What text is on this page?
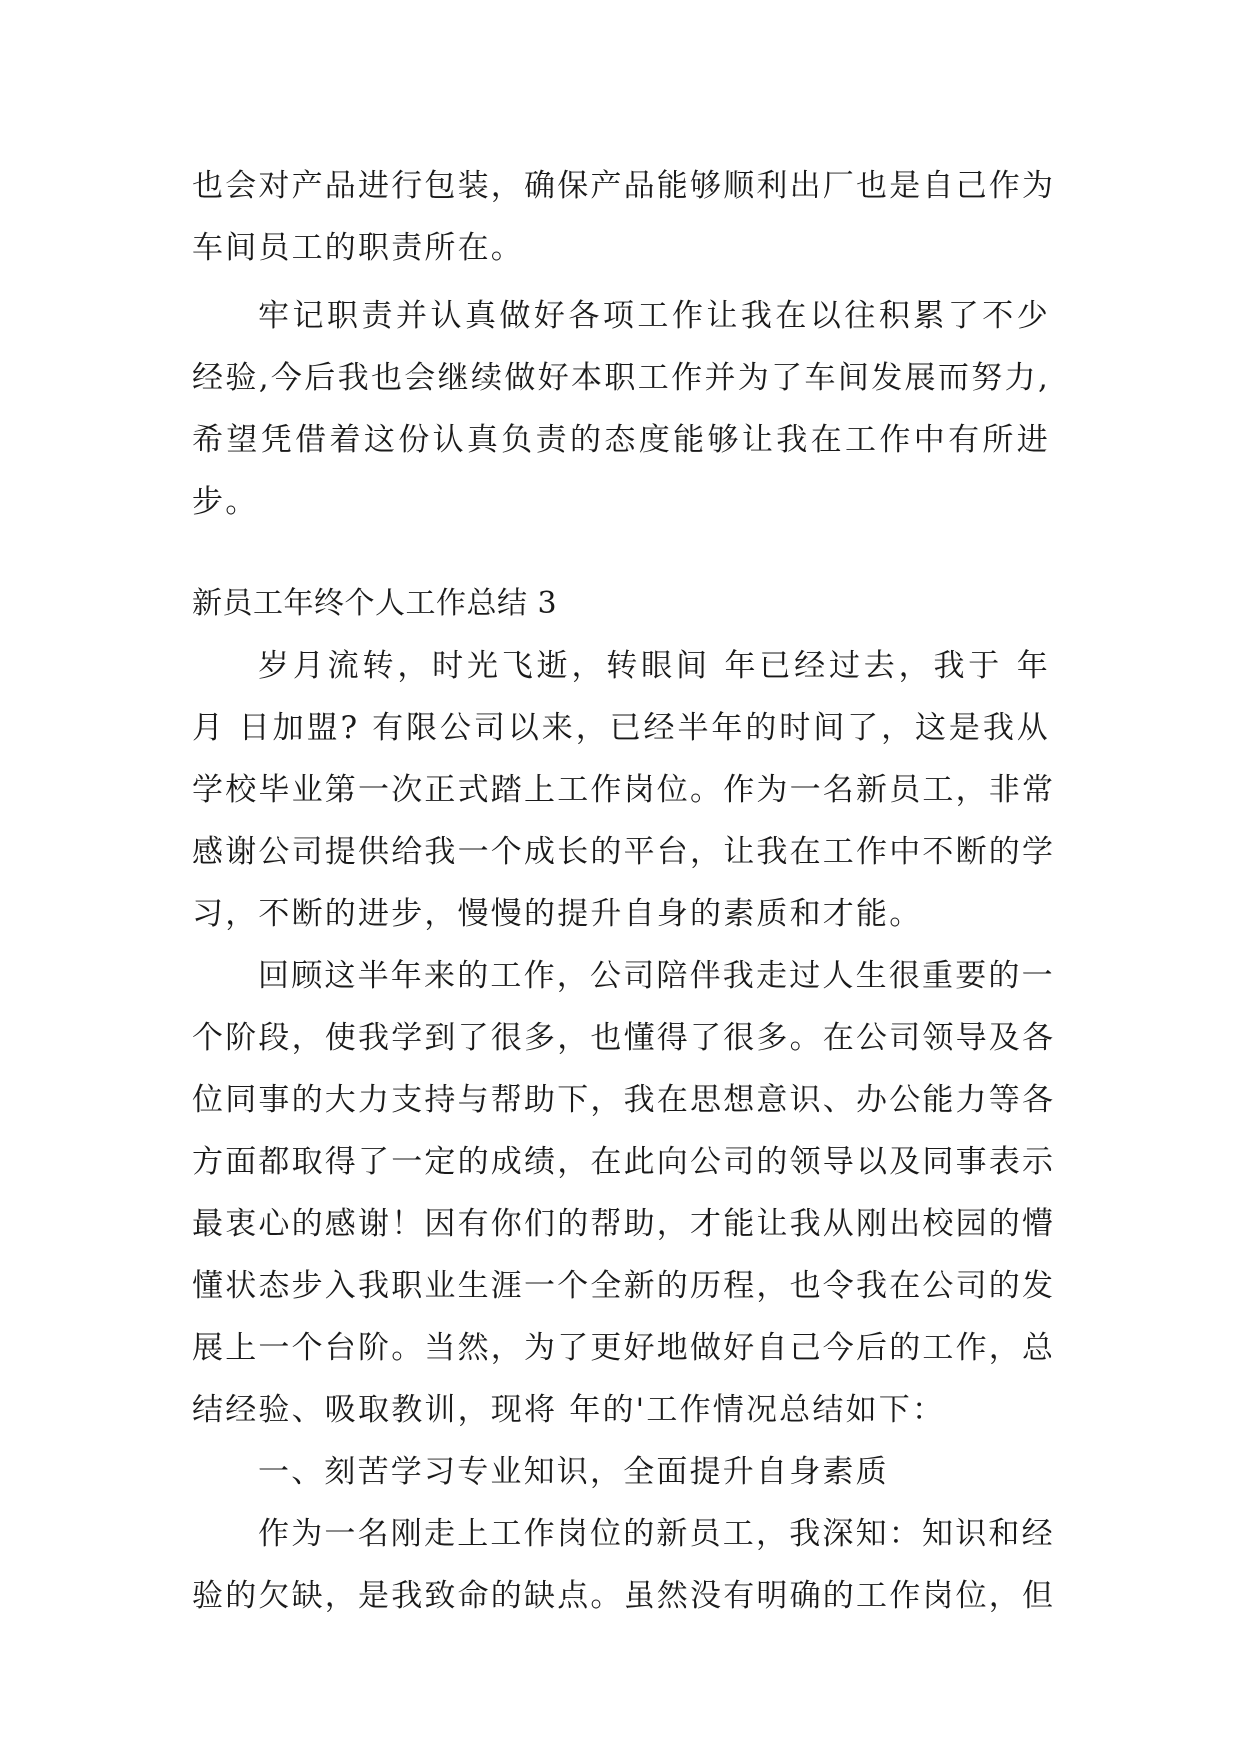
也会对产品进行包装，确保产品能够顺利出厂也是自己作为
车间员工的职责所在。
牢记职责并认真做好各项工作让我在以往积累了不少
经验,今后我也会继续做好本职工作并为了车间发展而努力,
希望凭借着这份认真负责的态度能够让我在工作中有所进
步。
新员工年终个人工作总结 3
岁月流转，时光飞逝，转眼间 年已经过去，我于 年
月 日加盟? 有限公司以来，已经半年的时间了，这是我从
学校毕业第一次正式踏上工作岗位。作为一名新员工，非常
感谢公司提供给我一个成长的平台，让我在工作中不断的学
习，不断的进步，慢慢的提升自身的素质和才能。
回顾这半年来的工作，公司陪伴我走过人生很重要的一
个阶段，使我学到了很多，也懂得了很多。在公司领导及各
位同事的大力支持与帮助下，我在思想意识、办公能力等各
方面都取得了一定的成绩，在此向公司的领导以及同事表示
最衷心的感谢！因有你们的帮助，才能让我从刚出校园的懵
懂状态步入我职业生涯一个全新的历程，也令我在公司的发
展上一个台阶。当然，为了更好地做好自己今后的工作，总
结经验、吸取教训，现将 年的'工作情况总结如下：
一、刻苦学习专业知识，全面提升自身素质
作为一名刚走上工作岗位的新员工，我深知：知识和经
验的欠缺，是我致命的缺点。虽然没有明确的工作岗位，但
